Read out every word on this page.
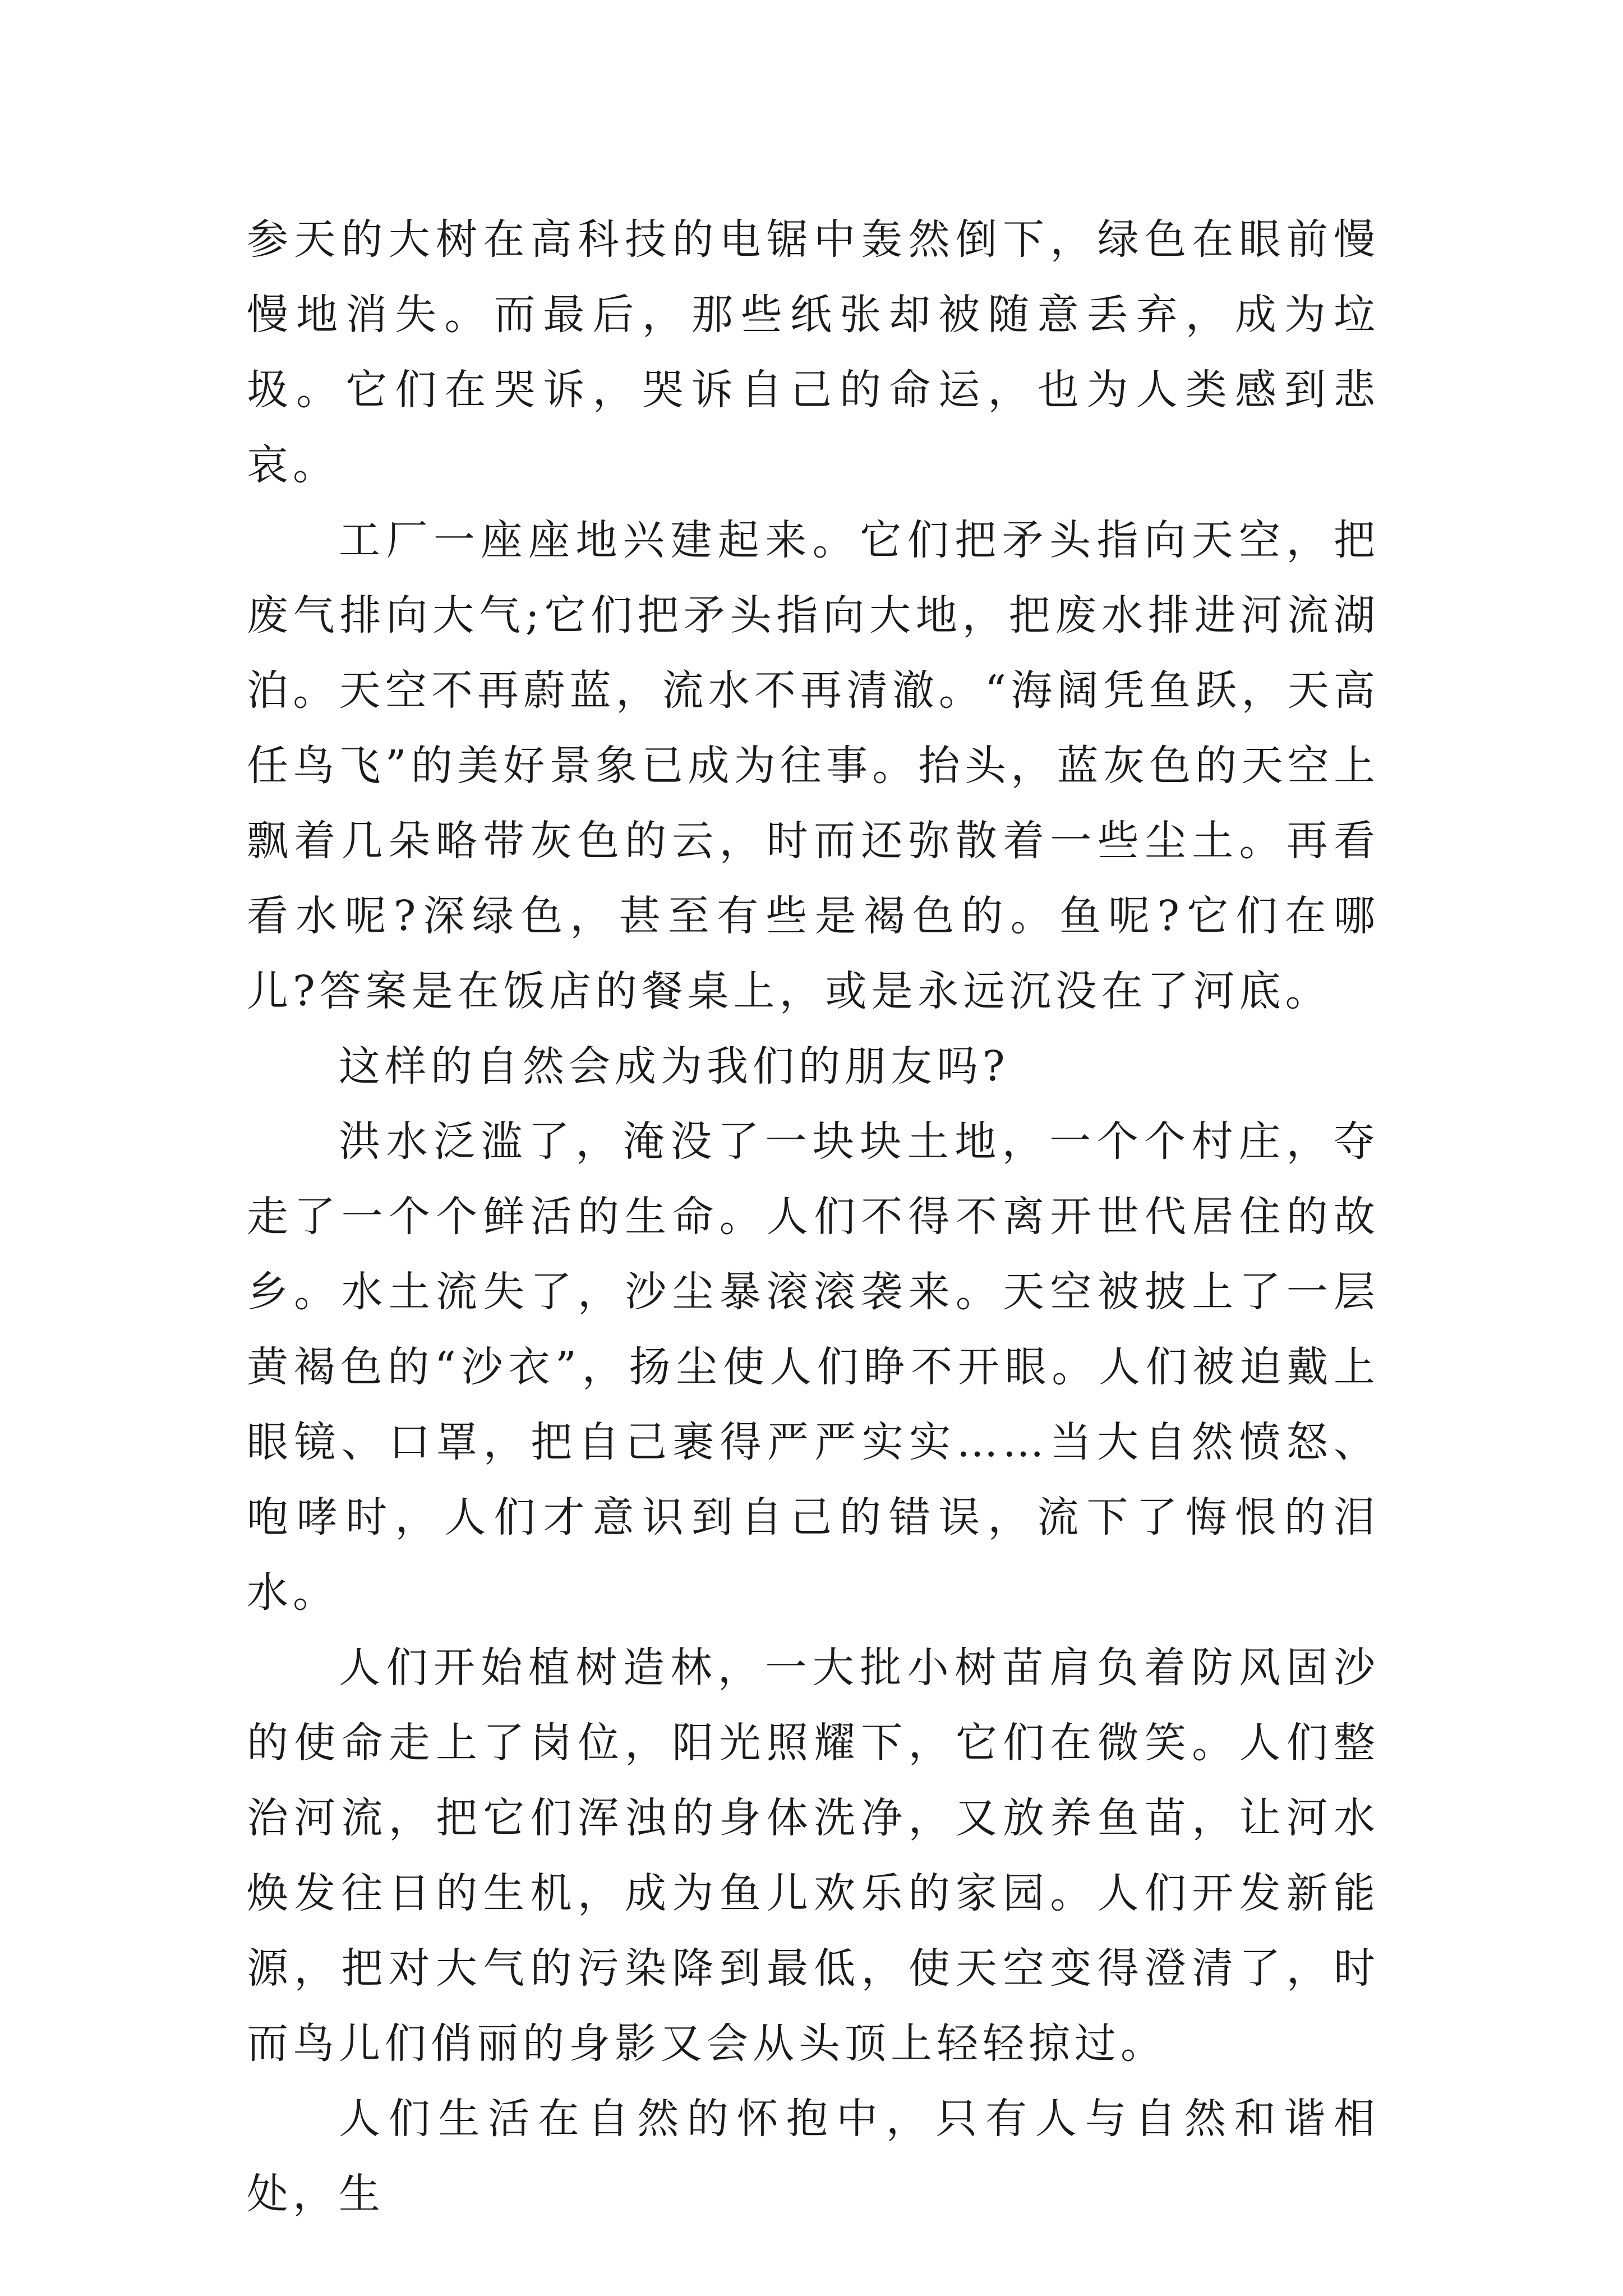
参天的大树在高科技的电锯中轰然倒下，绿色在眼前慢慢地消失。而最后，那些纸张却被随意丢弃，成为垃圾。它们在哭诉，哭诉自己的命运，也为人类感到悲哀。

工厂一座座地兴建起来。它们把矛头指向天空，把废气排向大气;它们把矛头指向大地，把废水排进河流湖泊。天空不再蔚蓝，流水不再清澈。“海阔凭鱼跃，天高任鸟飞”的美好景象已成为往事。抬头，蓝灰色的天空上飘着几朵略带灰色的云，时而还弥散着一些尘土。再看看水呢?深绿色，甚至有些是褐色的。鱼呢?它们在哪儿?答案是在饭店的餐桌上，或是永远沉没在了河底。

这样的自然会成为我们的朋友吗?

洪水泛滥了，淹没了一块块土地，一个个村庄，夺走了一个个鲜活的生命。人们不得不离开世代居住的故乡。水土流失了，沙尘暴滚滚袭来。天空被披上了一层黄褐色的“沙衣”，扬尘使人们睁不开眼。人们被迫戴上眼镜、口罩，把自己裹得严严实实……当大自然愤怒、咆哮时，人们才意识到自己的错误，流下了悔恨的泪水。

人们开始植树造林，一大批小树苗肩负着防风固沙的使命走上了岗位，阳光照耀下，它们在微笑。人们整治河流，把它们浑浊的身体洗净，又放养鱼苗，让河水焕发往日的生机，成为鱼儿欢乐的家园。人们开发新能源，把对大气的污染降到最低，使天空变得澄清了，时而鸟儿们俏丽的身影又会从头顶上轻轻掠过。

人们生活在自然的怀抱中，只有人与自然和谐相处，生
